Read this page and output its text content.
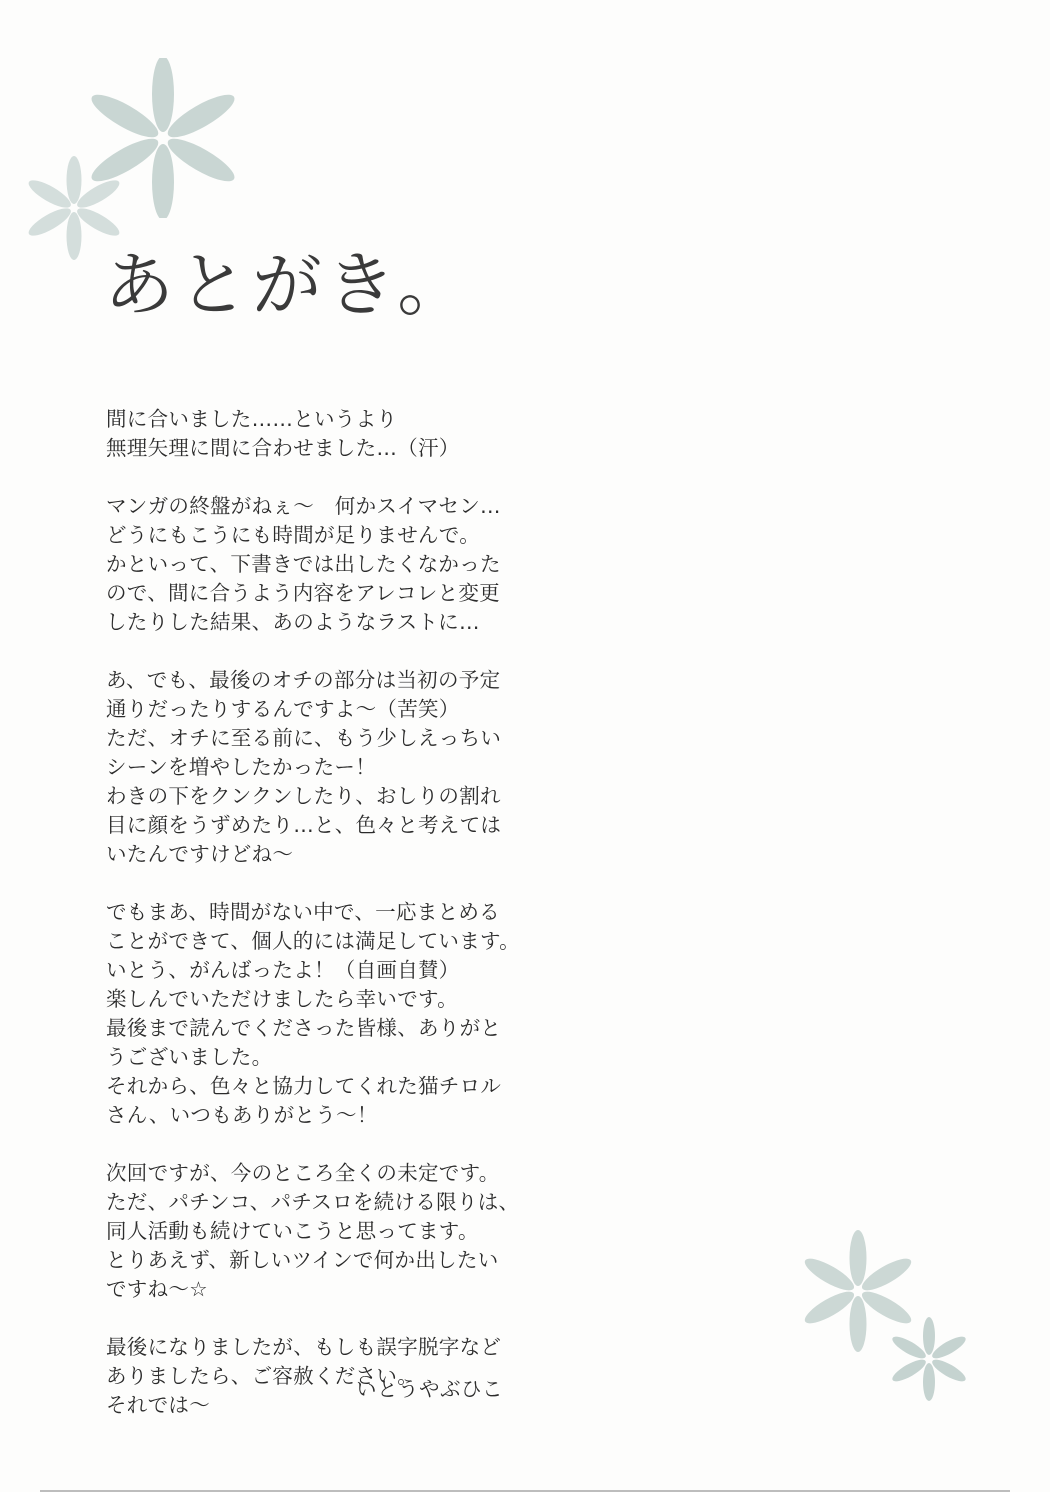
あとがき。
間に合いました……というより
無理矢理に間に合わせました…（汗）
マンガの終盤がねぇ〜　何かスイマセン…
どうにもこうにも時間が足りませんで。
かといって、下書きでは出したくなかった
ので、間に合うよう内容をアレコレと変更
したりした結果、あのようなラストに…
あ、でも、最後のオチの部分は当初の予定
通りだったりするんですよ〜（苦笑）
ただ、オチに至る前に、もう少しえっちい
シーンを増やしたかったー！
わきの下をクンクンしたり、おしりの割れ
目に顔をうずめたり…と、色々と考えては
いたんですけどね〜
でもまあ、時間がない中で、一応まとめる
ことができて、個人的には満足しています。
いとう、がんばったよ！（自画自賛）
楽しんでいただけましたら幸いです。
最後まで読んでくださった皆様、ありがと
うございました。
それから、色々と協力してくれた猫チロル
さん、いつもありがとう〜！
次回ですが、今のところ全くの未定です。
ただ、パチンコ、パチスロを続ける限りは、
同人活動も続けていこうと思ってます。
とりあえず、新しいツインで何か出したい
ですね〜☆
最後になりましたが、もしも誤字脱字など
ありましたら、ご容赦ください。
それでは〜
いとうやぶひこ
